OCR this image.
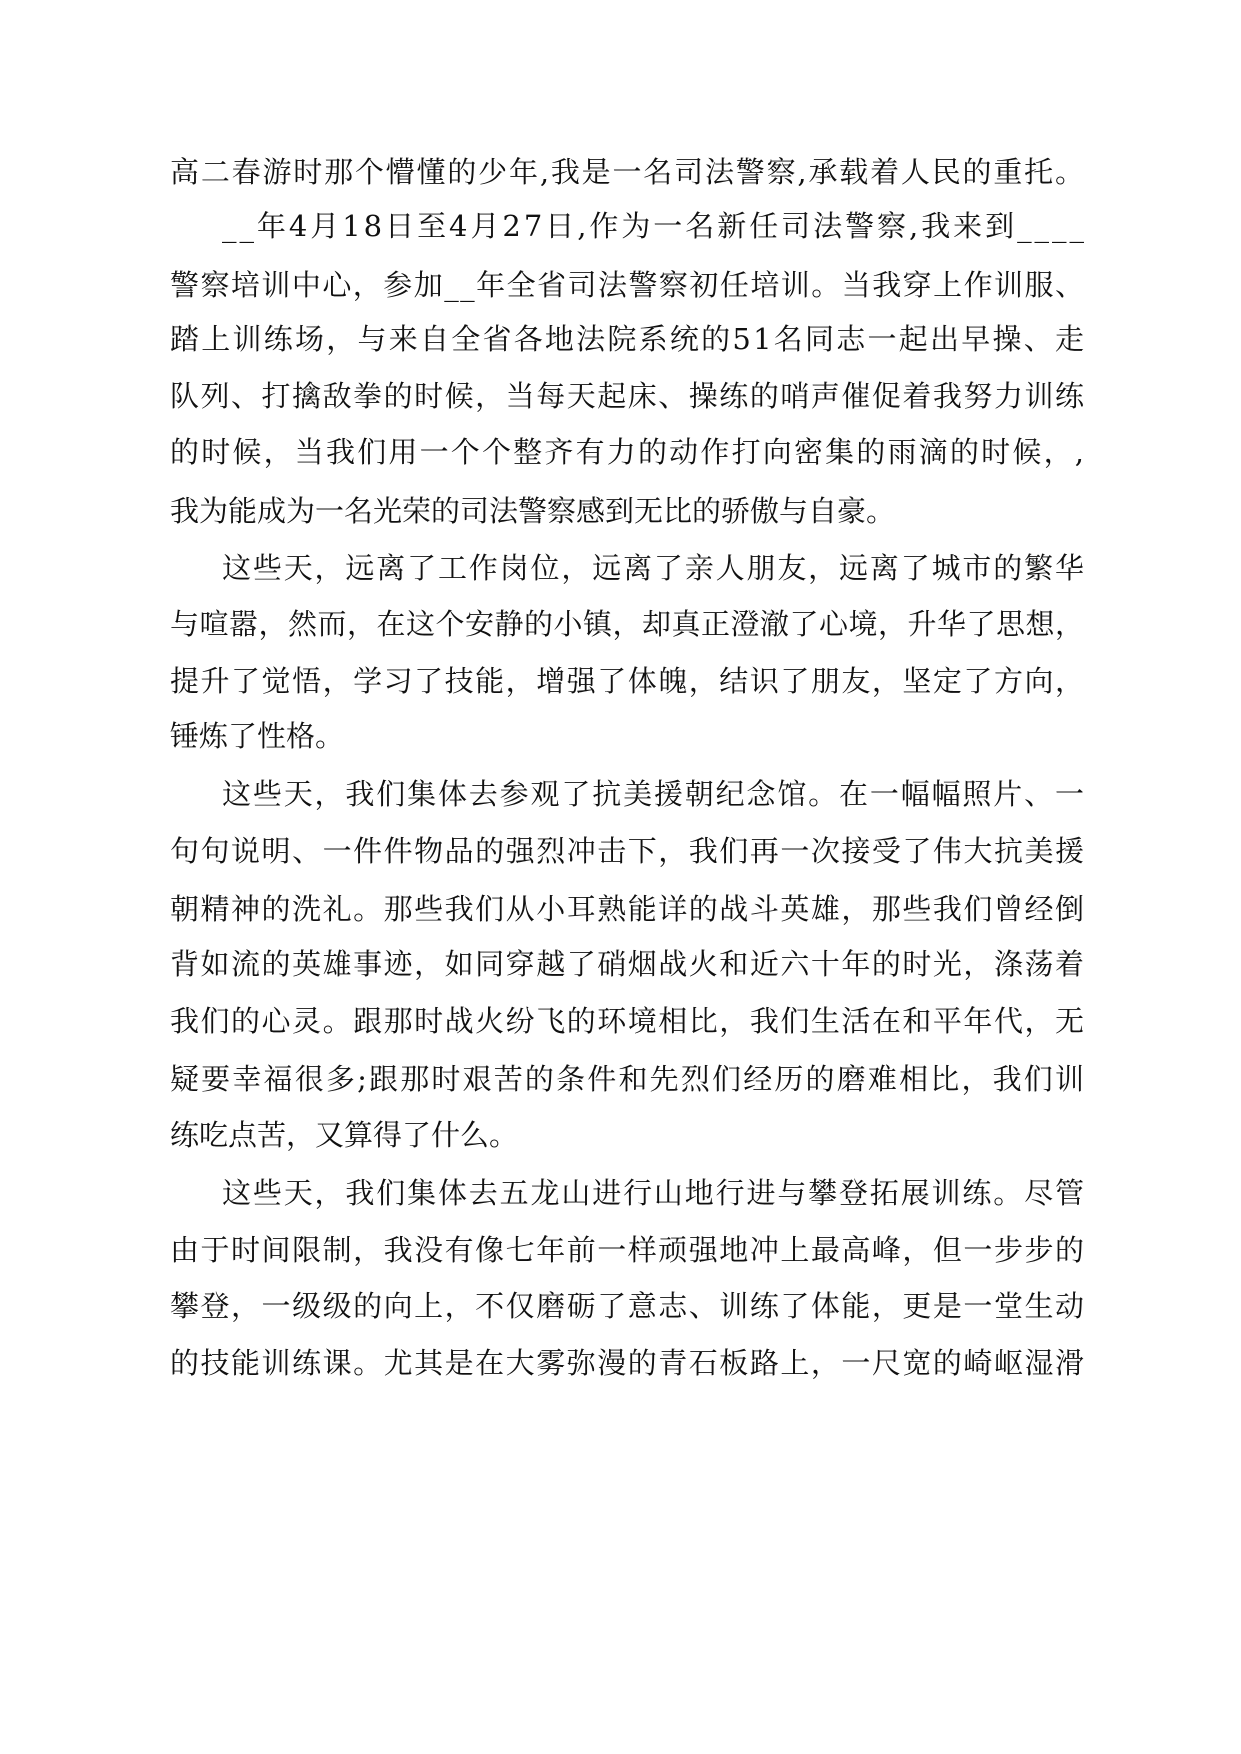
高二春游时那个懵懂的少年,我是一名司法警察,承载着人民的重托。

__年4月18日至4月27日,作为一名新任司法警察,我来到____

警察培训中心，参加__年全省司法警察初任培训。当我穿上作训服、

踏上训练场，与来自全省各地法院系统的51名同志一起出早操、走

队列、打擒敌拳的时候，当每天起床、操练的哨声催促着我努力训练

的时候，当我们用一个个整齐有力的动作打向密集的雨滴的时候，,

我为能成为一名光荣的司法警察感到无比的骄傲与自豪。

这些天，远离了工作岗位，远离了亲人朋友，远离了城市的繁华

与喧嚣，然而，在这个安静的小镇，却真正澄澈了心境，升华了思想，

提升了觉悟，学习了技能，增强了体魄，结识了朋友，坚定了方向，

锤炼了性格。

这些天，我们集体去参观了抗美援朝纪念馆。在一幅幅照片、一

句句说明、一件件物品的强烈冲击下，我们再一次接受了伟大抗美援

朝精神的洗礼。那些我们从小耳熟能详的战斗英雄，那些我们曾经倒

背如流的英雄事迹，如同穿越了硝烟战火和近六十年的时光，涤荡着

我们的心灵。跟那时战火纷飞的环境相比，我们生活在和平年代，无

疑要幸福很多;跟那时艰苦的条件和先烈们经历的磨难相比，我们训

练吃点苦，又算得了什么。

这些天，我们集体去五龙山进行山地行进与攀登拓展训练。尽管

由于时间限制，我没有像七年前一样顽强地冲上最高峰，但一步步的

攀登，一级级的向上，不仅磨砺了意志、训练了体能，更是一堂生动

的技能训练课。尤其是在大雾弥漫的青石板路上，一尺宽的崎岖湿滑
